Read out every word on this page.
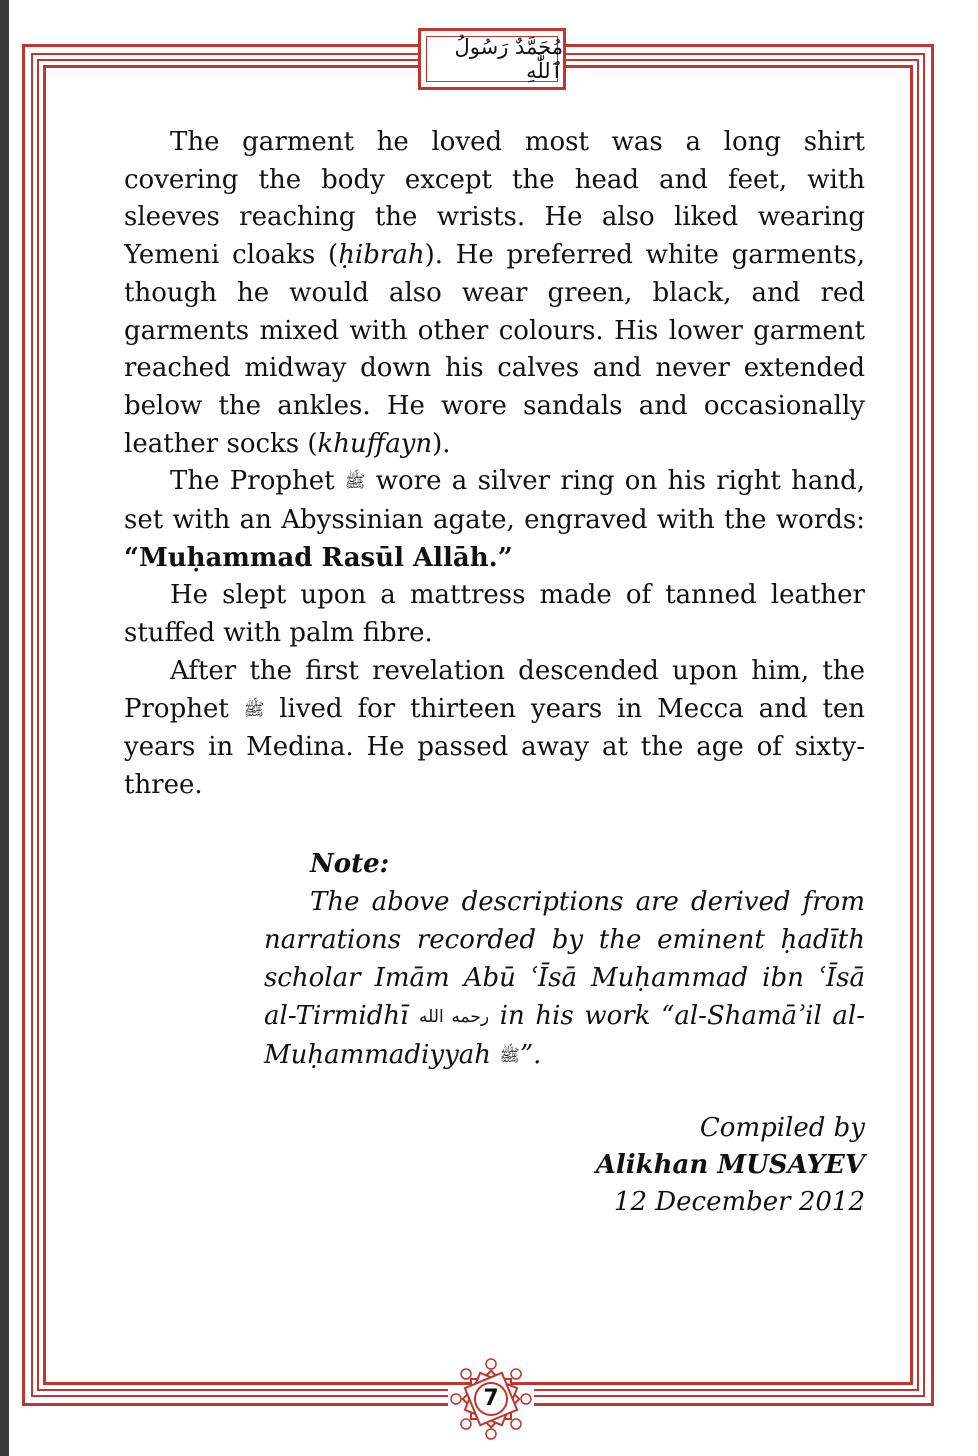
مُحَمَّدٌ رَسُولُ ٱللَّٰهِ

The garment he loved most was a long shirt covering the body except the head and feet, with sleeves reaching the wrists. He also liked wearing Yemeni cloaks (ḥibrah). He preferred white garments, though he would also wear green, black, and red garments mixed with other colours. His lower garment reached midway down his calves and never extended below the ankles. He wore sandals and occasionally leather socks (khuffayn).

The Prophet ﷺ wore a silver ring on his right hand, set with an Abyssinian agate, engraved with the words: “Muḥammad Rasūl Allāh.”

He slept upon a mattress made of tanned leather stuffed with palm fibre.

After the first revelation descended upon him, the Prophet ﷺ lived for thirteen years in Mecca and ten years in Medina. He passed away at the age of sixty-three.

Note:

The above descriptions are derived from narrations recorded by the eminent ḥadīth scholar Imām Abū ʿĪsā Muḥammad ibn ʿĪsā al-Tirmidhī رحمه الله in his work “al-Shamāʾil al-Muḥammadiyyah ﷺ”.

Compiled by
Alikhan MUSAYEV
12 December 2012
7
